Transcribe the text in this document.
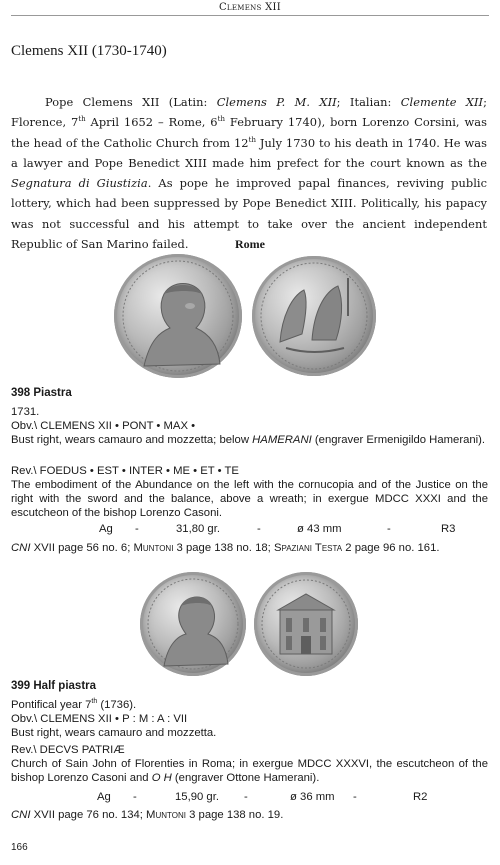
Clemens XII
Clemens XII (1730-1740)

Pope Clemens XII (Latin: Clemens P. M. XII; Italian: Clemente XII; Florence, 7th April 1652 – Rome, 6th February 1740), born Lorenzo Corsini, was the head of the Catholic Church from 12th July 1730 to his death in 1740. He was a lawyer and Pope Benedict XIII made him prefect for the court known as the Segnatura di Giustizia. As pope he improved papal finances, reviving public lottery, which had been suppressed by Pope Benedict XIII. Politically, his papacy was not successful and his attempt to take over the ancient independent Republic of San Marino failed.	Rome
398 Piastra
1731.
Obv.\ CLEMENS XII • PONT • MAX •
Bust right, wears camauro and mozzetta; below HAMERANI (engraver Ermenigildo Hamerani).
Rev.\ FOEDUS • EST • INTER • ME • ET • TE
The embodiment of the Abundance on the left with the cornucopia and of the Justice on the right with the sword and the balance, above a wreath; in exergue MDCC XXXI and the escutcheon of the bishop Lorenzo Casoni.
Ag -	31,80 gr.	-	ø 43 mm	-	R3
CNI XVII page 56 no. 6; Muntoni 3 page 138 no. 18; Spaziani Testa 2 page 96 no. 161.
399 Half piastra
Pontifical year 7th (1736).
Obv.\ CLEMENS XII • P : M : A : VII
Bust right, wears camauro and mozzetta.
Rev.\ DECVS PATRIÆ
Church of Sain John of Florenties in Roma; in exergue MDCC XXXVI, the escutcheon of the bishop Lorenzo Casoni and O H (engraver Ottone Hamerani).
Ag -	15,90 gr. -	ø 36 mm -	R2
CNI XVII page 76 no. 134; Muntoni 3 page 138 no. 19.
166
